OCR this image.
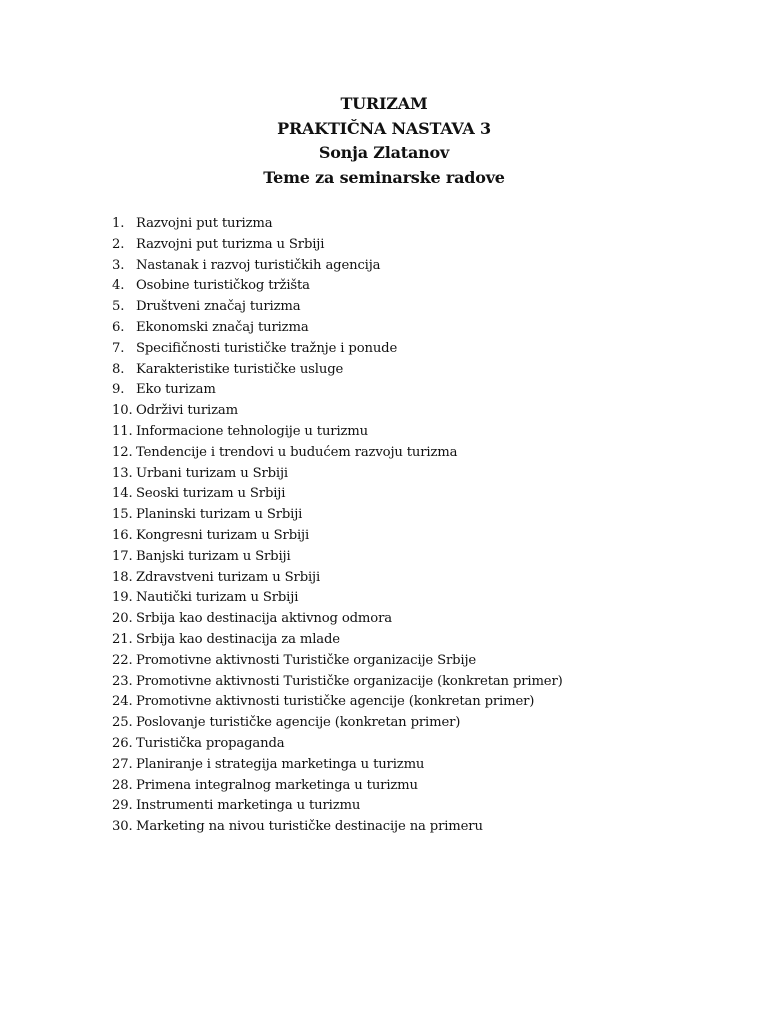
TURIZAM
PRAKTIČNA NASTAVA 3
Sonja Zlatanov
Teme za seminarske radove
1. Razvojni put turizma
2. Razvojni put turizma u Srbiji
3. Nastanak i razvoj turističkih agencija
4. Osobine turističkog tržišta
5. Društveni značaj turizma
6. Ekonomski značaj turizma
7. Specifičnosti turističke tražnje i ponude
8. Karakteristike turističke usluge
9. Eko turizam
10. Održivi turizam
11. Informacione tehnologije u turizmu
12. Tendencije i trendovi u budućem razvoju turizma
13. Urbani turizam u Srbiji
14. Seoski turizam u Srbiji
15. Planinski turizam u Srbiji
16. Kongresni turizam u Srbiji
17. Banjski turizam u Srbiji
18. Zdravstveni turizam u Srbiji
19. Nautički turizam u Srbiji
20. Srbija kao destinacija aktivnog odmora
21. Srbija kao destinacija za mlade
22. Promotivne aktivnosti Turističke organizacije Srbije
23. Promotivne aktivnosti Turističke organizacije (konkretan primer)
24. Promotivne aktivnosti turističke agencije (konkretan primer)
25. Poslovanje turističke agencije (konkretan primer)
26. Turistička propaganda
27. Planiranje i strategija marketinga u turizmu
28. Primena integralnog marketinga u turizmu
29. Instrumenti marketinga u turizmu
30. Marketing na nivou turističke destinacije na primeru
